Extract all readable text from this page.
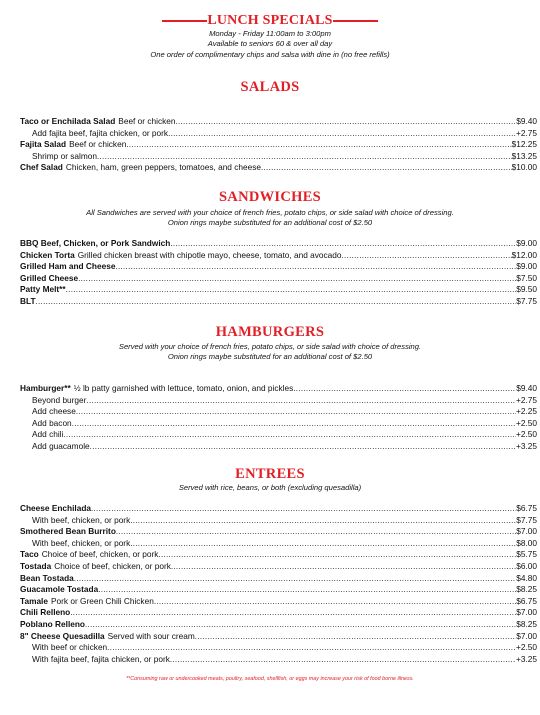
LUNCH SPECIALS
Monday - Friday 11:00am to 3:00pm
Available to seniors 60 & over all day
One order of complimentary chips and salsa with dine in (no free refills)
SALADS
Taco or Enchilada Salad Beef or chicken .....	$9.40
Add fajita beef, fajita chicken, or pork .....	+2.75
Fajita Salad Beef or chicken .....	$12.25
Shrimp or salmon .....	$13.25
Chef Salad Chicken, ham, green peppers, tomatoes, and cheese .....	$10.00
SANDWICHES
All Sandwiches are served with your choice of french fries, potato chips, or side salad with choice of dressing.
Onion rings maybe substituted for an additional cost of $2.50
BBQ Beef, Chicken, or Pork Sandwich .....	$9.00
Chicken Torta Grilled chicken breast with chipotle mayo, cheese, tomato, and avocado .....	$12.00
Grilled Ham and Cheese .....	$9.00
Grilled Cheese .....	$7.50
Patty Melt** .....	$9.50
BLT .....	$7.75
HAMBURGERS
Served with your choice of french fries, potato chips, or side salad with choice of dressing.
Onion rings maybe substituted for an additional cost of $2.50
Hamburger** ½ lb patty garnished with lettuce, tomato, onion, and pickles .....	$9.40
Beyond burger .....	+2.75
Add cheese .....	+2.25
Add bacon .....	+2.50
Add chili .....	+2.50
Add guacamole .....	+3.25
ENTREES
Served with rice, beans, or both (excluding quesadilla)
Cheese Enchilada .....	$6.75
With beef, chicken, or pork .....	$7.75
Smothered Bean Burrito .....	$7.00
With beef, chicken, or pork .....	$8.00
Taco Choice of beef, chicken, or pork .....	$5.75
Tostada Choice of beef, chicken, or pork .....	$6.00
Bean Tostada .....	$4.80
Guacamole Tostada .....	$8.25
Tamale Pork or Green Chili Chicken .....	$6.75
Chili Relleno .....	$7.00
Poblano Relleno .....	$8.25
8" Cheese Quesadilla Served with sour cream .....	$7.00
With beef or chicken .....	+2.50
With fajita beef, fajita chicken, or pork .....	+3.25
**Consuming raw or undercooked meats, poultry, seafood, shellfish, or eggs may increase your risk of food borne illness.
